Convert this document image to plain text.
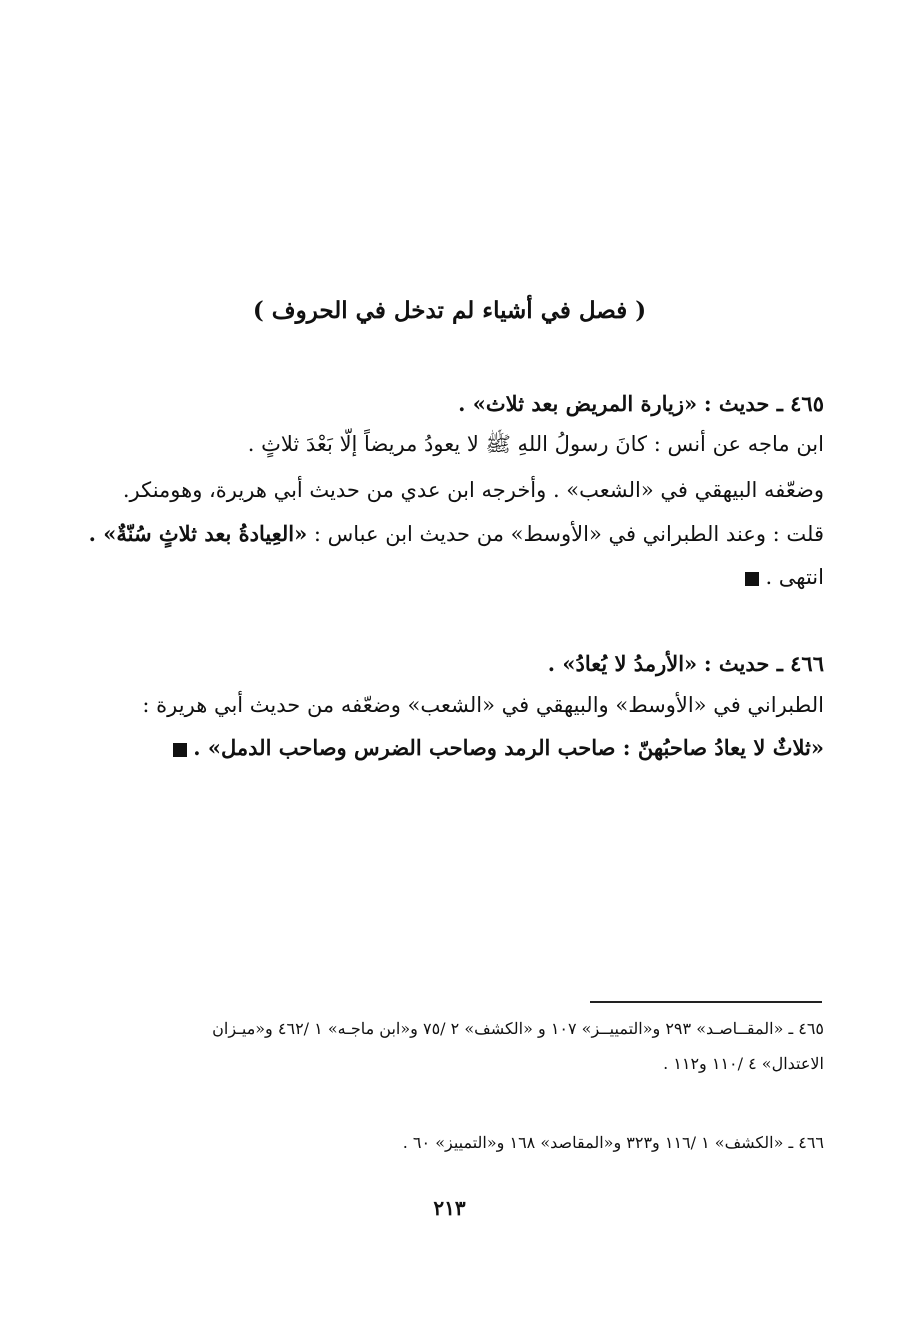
( فصل في أشياء لم تدخل في الحروف )
٤٦٥ ـ حديث : «زيارة المريض بعد ثلاث» .
ابن ماجه عن أنس : كانَ رسولُ اللهِ ﷺ لا يعودُ مريضاً إلّا بَعْدَ ثلاثٍ .
وضعّفه البيهقي في «الشعب» . وأخرجه ابن عدي من حديث أبي هريرة، وهومنكر.
قلت : وعند الطبراني في «الأوسط» من حديث ابن عباس : «العِيادةُ بعد ثلاثٍ سُنّةٌ» .
انتهى .
٤٦٦ ـ حديث : «الأرمدُ لا يُعادُ» .
الطبراني في «الأوسط» والبيهقي في «الشعب» وضعّفه من حديث أبي هريرة :
«ثلاثٌ لا يعادُ صاحبُهنّ : صاحب الرمد وصاحب الضرس وصاحب الدمل» .
٤٦٥ ـ «المقــاصـد» ٢٩٣ و«التمييــز» ١٠٧ و «الكشف» ٢ /٧٥ و«ابن ماجـه» ١ /٤٦٢ و«ميـزان
الاعتدال» ٤ /١١٠ و١١٢ .
٤٦٦ ـ «الكشف» ١ /١١٦ و٣٢٣ و«المقاصد» ١٦٨ و«التمييز» ٦٠ .
٢١٣
